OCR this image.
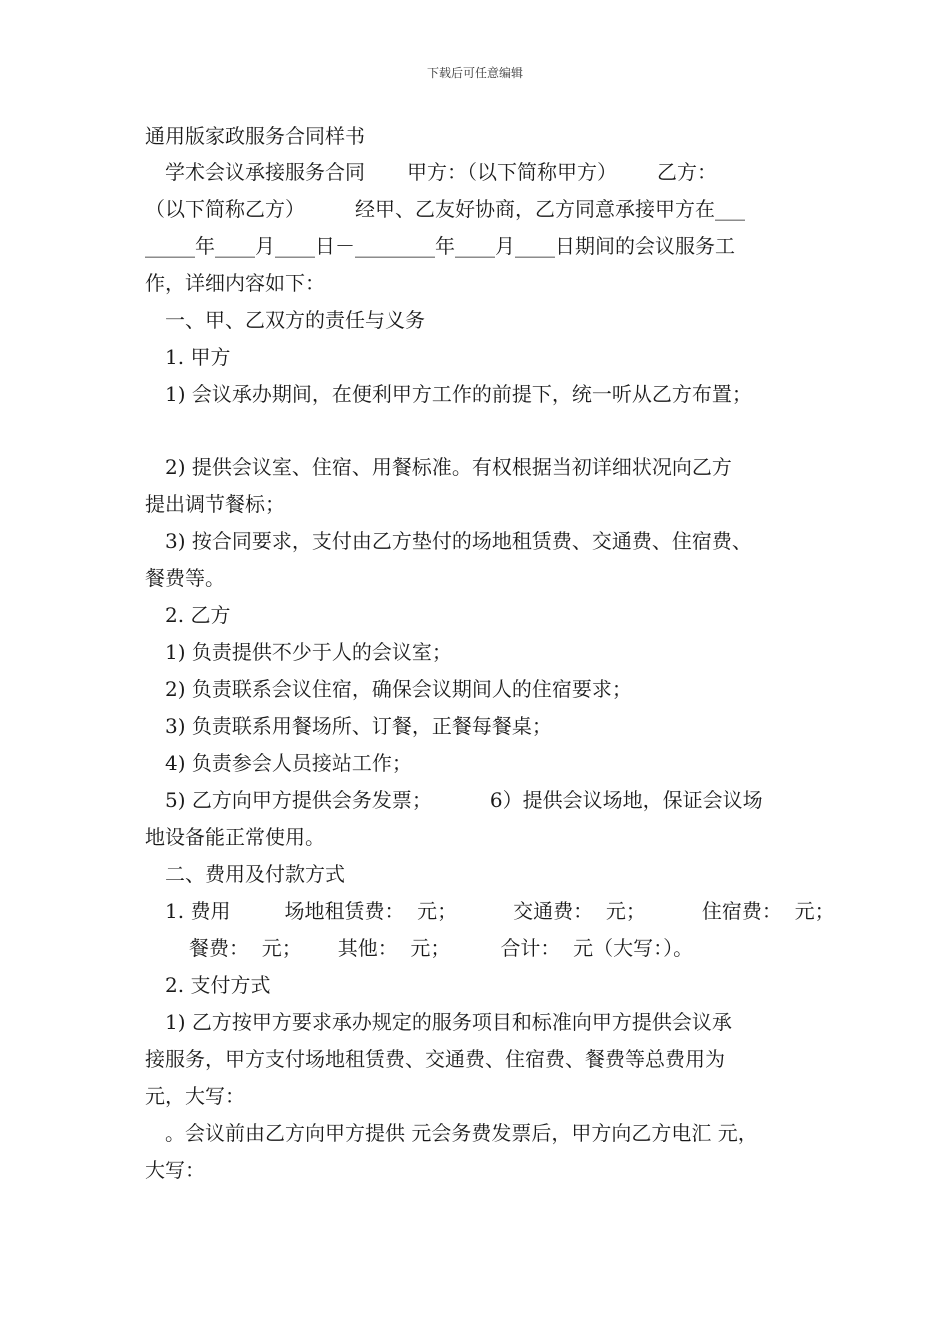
下载后可任意编辑
通用版家政服务合同样书
学术会议承接服务合同 甲方：（以下简称甲方） 乙方：
（以下简称乙方）	经甲、乙友好协商，乙方同意承接甲方在___
_____年____月____日－________年____月____日期间的会议服务工
作，详细内容如下：
一、甲、乙双方的责任与义务
1. 甲方
1) 会议承办期间，在便利甲方工作的前提下，统一听从乙方布置；
2) 提供会议室、住宿、用餐标准。有权根据当初详细状况向乙方
提出调节餐标；
3) 按合同要求，支付由乙方垫付的场地租赁费、交通费、住宿费、
餐费等。
2. 乙方
1) 负责提供不少于人的会议室；
2) 负责联系会议住宿，确保会议期间人的住宿要求；
3) 负责联系用餐场所、订餐，正餐每餐桌；
4) 负责参会人员接站工作；
5) 乙方向甲方提供会务发票；	6）提供会议场地，保证会议场
地设备能正常使用。
二、费用及付款方式
1. 费用	场地租赁费：  元；	交通费：  元；	住宿费：  元；
餐费：  元； 其他：  元；	合计：  元（大写：）。
2. 支付方式
1) 乙方按甲方要求承办规定的服务项目和标准向甲方提供会议承
接服务，甲方支付场地租赁费、交通费、住宿费、餐费等总费用为
元，大写：
。会议前由乙方向甲方提供 元会务费发票后，甲方向乙方电汇 元，
大写：
